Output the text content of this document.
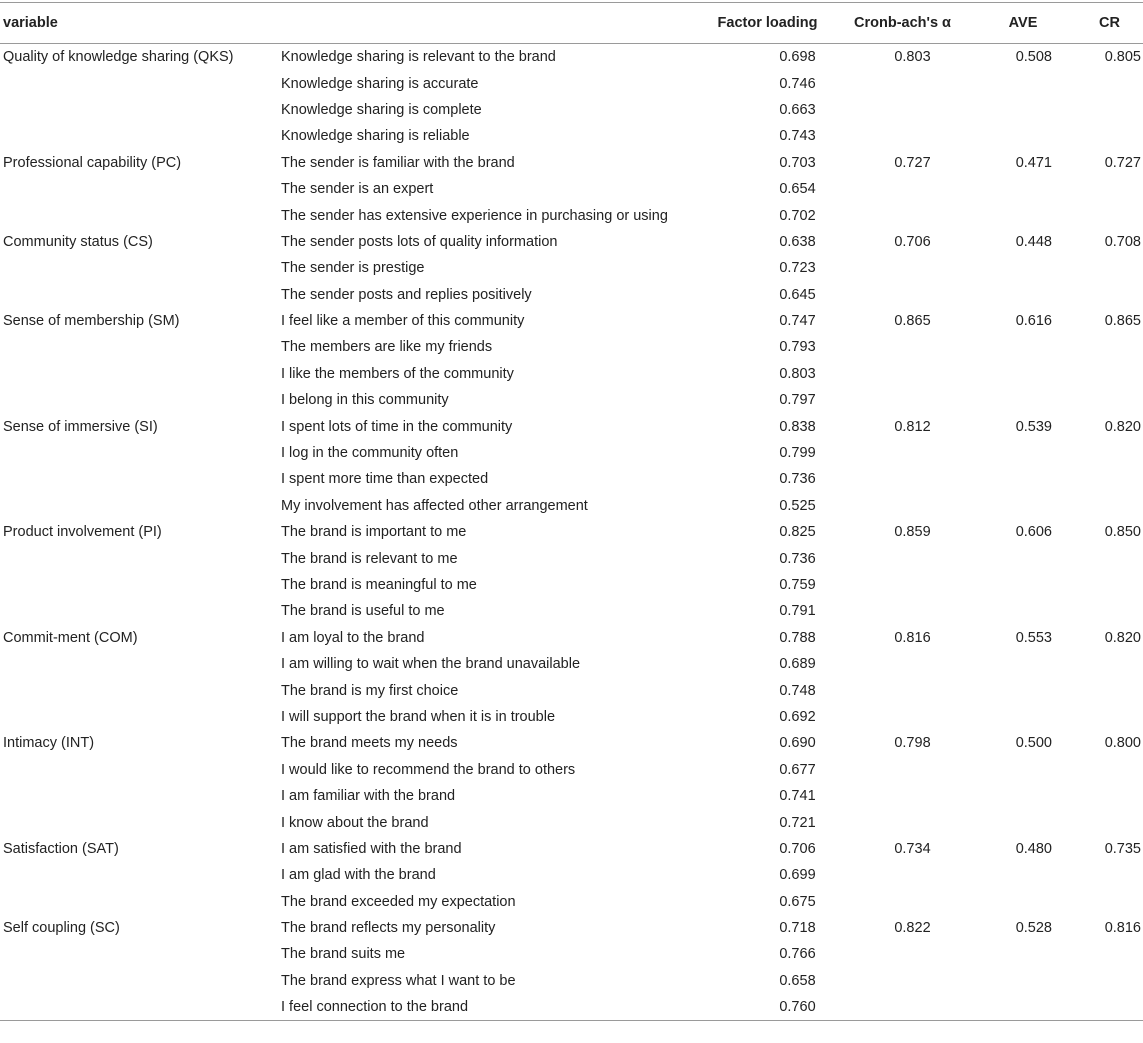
variable		Factor loading	Cronb-ach's α	AVE	CR
Quality of knowledge sharing (QKS)	Knowledge sharing is relevant to the brand	0.698	0.803	0.508	0.805
	Knowledge sharing is accurate	0.746			
	Knowledge sharing is complete	0.663			
	Knowledge sharing is reliable	0.743			
Professional capability (PC)	The sender is familiar with the brand	0.703	0.727	0.471	0.727
	The sender is an expert	0.654			
	The sender has extensive experience in purchasing or using	0.702			
Community status (CS)	The sender posts lots of quality information	0.638	0.706	0.448	0.708
	The sender is prestige	0.723			
	The sender posts and replies positively	0.645			
Sense of membership (SM)	I feel like a member of this community	0.747	0.865	0.616	0.865
	The members are like my friends	0.793			
	I like the members of the community	0.803			
	I belong in this community	0.797			
Sense of immersive (SI)	I spent lots of time in the community	0.838	0.812	0.539	0.820
	I log in the community often	0.799			
	I spent more time than expected	0.736			
	My involvement has affected other arrangement	0.525			
Product involvement (PI)	The brand is important to me	0.825	0.859	0.606	0.850
	The brand is relevant to me	0.736			
	The brand is meaningful to me	0.759			
	The brand is useful to me	0.791			
Commit-ment (COM)	I am loyal to the brand	0.788	0.816	0.553	0.820
	I am willing to wait when the brand unavailable	0.689			
	The brand is my first choice	0.748			
	I will support the brand when it is in trouble	0.692			
Intimacy (INT)	The brand meets my needs	0.690	0.798	0.500	0.800
	I would like to recommend the brand to others	0.677			
	I am familiar with the brand	0.741			
	I know about the brand	0.721			
Satisfaction (SAT)	I am satisfied with the brand	0.706	0.734	0.480	0.735
	I am glad with the brand	0.699			
	The brand exceeded my expectation	0.675			
Self coupling (SC)	The brand reflects my personality	0.718	0.822	0.528	0.816
	The brand suits me	0.766			
	The brand express what I want to be	0.658			
	I feel connection to the brand	0.760			
